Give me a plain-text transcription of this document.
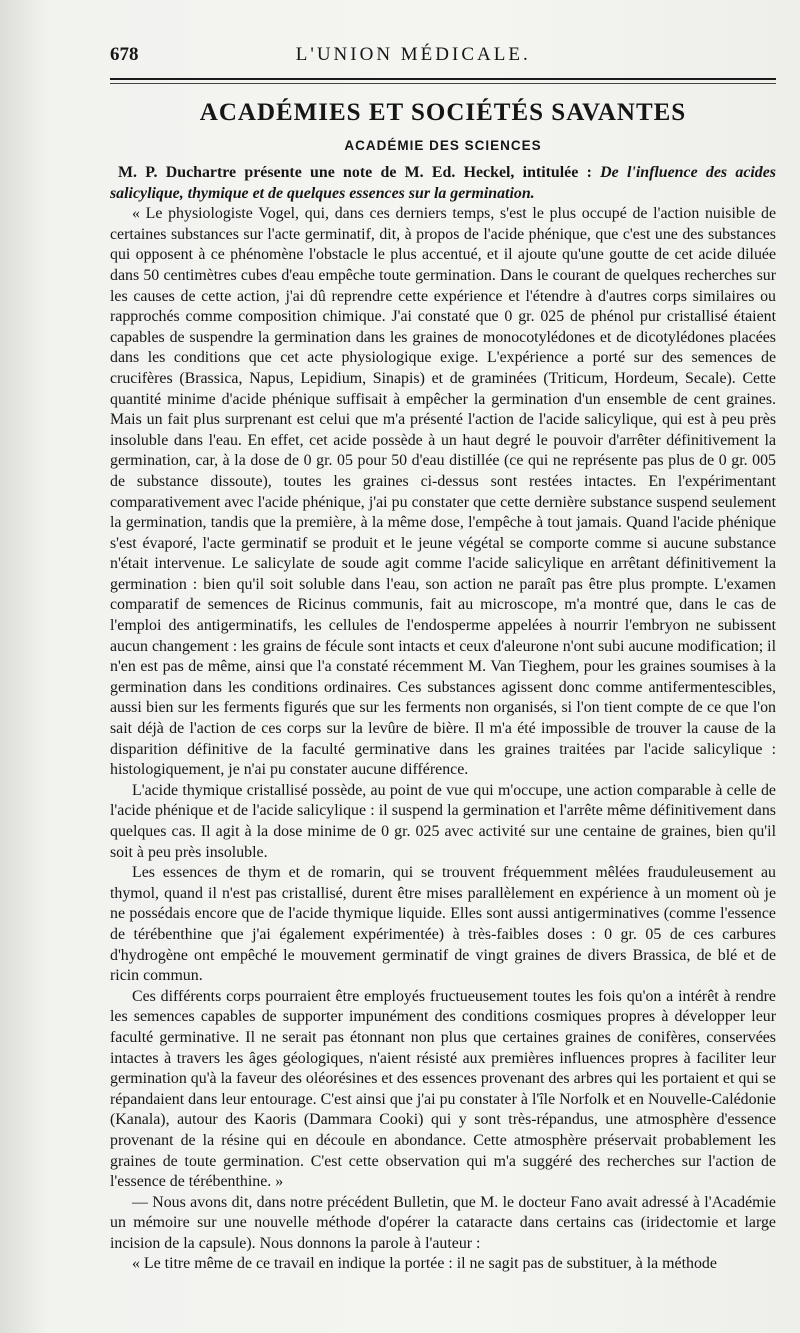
678	L'UNION MÉDICALE.
ACADÉMIES ET SOCIÉTÉS SAVANTES
ACADÉMIE DES SCIENCES

M. P. Duchartre présente une note de M. Ed. Heckel, intitulée : De l'influence des acides salicylique, thymique et de quelques essences sur la germination.

« Le physiologiste Vogel, qui, dans ces derniers temps, s'est le plus occupé de l'action nuisible de certaines substances sur l'acte germinatif, dit, à propos de l'acide phénique, que c'est une des substances qui opposent à ce phénomène l'obstacle le plus accentué, et il ajoute qu'une goutte de cet acide diluée dans 50 centimètres cubes d'eau empêche toute germination. Dans le courant de quelques recherches sur les causes de cette action, j'ai dû reprendre cette expérience et l'étendre à d'autres corps similaires ou rapprochés comme composition chimique. J'ai constaté que 0 gr. 025 de phénol pur cristallisé étaient capables de suspendre la germination dans les graines de monocotylédones et de dicotylédones placées dans les conditions que cet acte physiologique exige. L'expérience a porté sur des semences de crucifères (Brassica, Napus, Lepidium, Sinapis) et de graminées (Triticum, Hordeum, Secale). Cette quantité minime d'acide phénique suffisait à empêcher la germination d'un ensemble de cent graines. Mais un fait plus surprenant est celui que m'a présenté l'action de l'acide salicylique, qui est à peu près insoluble dans l'eau. En effet, cet acide possède à un haut degré le pouvoir d'arrêter définitivement la germination, car, à la dose de 0 gr. 05 pour 50 d'eau distillée (ce qui ne représente pas plus de 0 gr. 005 de substance dissoute), toutes les graines ci-dessus sont restées intactes. En l'expérimentant comparativement avec l'acide phénique, j'ai pu constater que cette dernière substance suspend seulement la germination, tandis que la première, à la même dose, l'empêche à tout jamais. Quand l'acide phénique s'est évaporé, l'acte germinatif se produit et le jeune végétal se comporte comme si aucune substance n'était intervenue. Le salicylate de soude agit comme l'acide salicylique en arrêtant définitivement la germination : bien qu'il soit soluble dans l'eau, son action ne paraît pas être plus prompte. L'examen comparatif de semences de Ricinus communis, fait au microscope, m'a montré que, dans le cas de l'emploi des antigerminatifs, les cellules de l'endosperme appelées à nourrir l'embryon ne subissent aucun changement : les grains de fécule sont intacts et ceux d'aleurone n'ont subi aucune modification; il n'en est pas de même, ainsi que l'a constaté récemment M. Van Tieghem, pour les graines soumises à la germination dans les conditions ordinaires. Ces substances agissent donc comme antifermentescibles, aussi bien sur les ferments figurés que sur les ferments non organisés, si l'on tient compte de ce que l'on sait déjà de l'action de ces corps sur la levûre de bière. Il m'a été impossible de trouver la cause de la disparition définitive de la faculté germinative dans les graines traitées par l'acide salicylique : histologiquement, je n'ai pu constater aucune différence.

L'acide thymique cristallisé possède, au point de vue qui m'occupe, une action comparable à celle de l'acide phénique et de l'acide salicylique : il suspend la germination et l'arrête même définitivement dans quelques cas. Il agit à la dose minime de 0 gr. 025 avec activité sur une centaine de graines, bien qu'il soit à peu près insoluble.

Les essences de thym et de romarin, qui se trouvent fréquemment mêlées frauduleusement au thymol, quand il n'est pas cristallisé, durent être mises parallèlement en expérience à un moment où je ne possédais encore que de l'acide thymique liquide. Elles sont aussi antigerminatives (comme l'essence de térébenthine que j'ai également expérimentée) à très-faibles doses : 0 gr. 05 de ces carbures d'hydrogène ont empêché le mouvement germinatif de vingt graines de divers Brassica, de blé et de ricin commun.

Ces différents corps pourraient être employés fructueusement toutes les fois qu'on a intérêt à rendre les semences capables de supporter impunément des conditions cosmiques propres à développer leur faculté germinative. Il ne serait pas étonnant non plus que certaines graines de conifères, conservées intactes à travers les âges géologiques, n'aient résisté aux premières influences propres à faciliter leur germination qu'à la faveur des oléorésines et des essences provenant des arbres qui les portaient et qui se répandaient dans leur entourage. C'est ainsi que j'ai pu constater à l'île Norfolk et en Nouvelle-Calédonie (Kanala), autour des Kaoris (Dammara Cooki) qui y sont très-répandus, une atmosphère d'essence provenant de la résine qui en découle en abondance. Cette atmosphère préservait probablement les graines de toute germination. C'est cette observation qui m'a suggéré des recherches sur l'action de l'essence de térébenthine. »

— Nous avons dit, dans notre précédent Bulletin, que M. le docteur Fano avait adressé à l'Académie un mémoire sur une nouvelle méthode d'opérer la cataracte dans certains cas (iridectomie et large incision de la capsule). Nous donnons la parole à l'auteur :

« Le titre même de ce travail en indique la portée : il ne sagit pas de substituer, à la méthode
